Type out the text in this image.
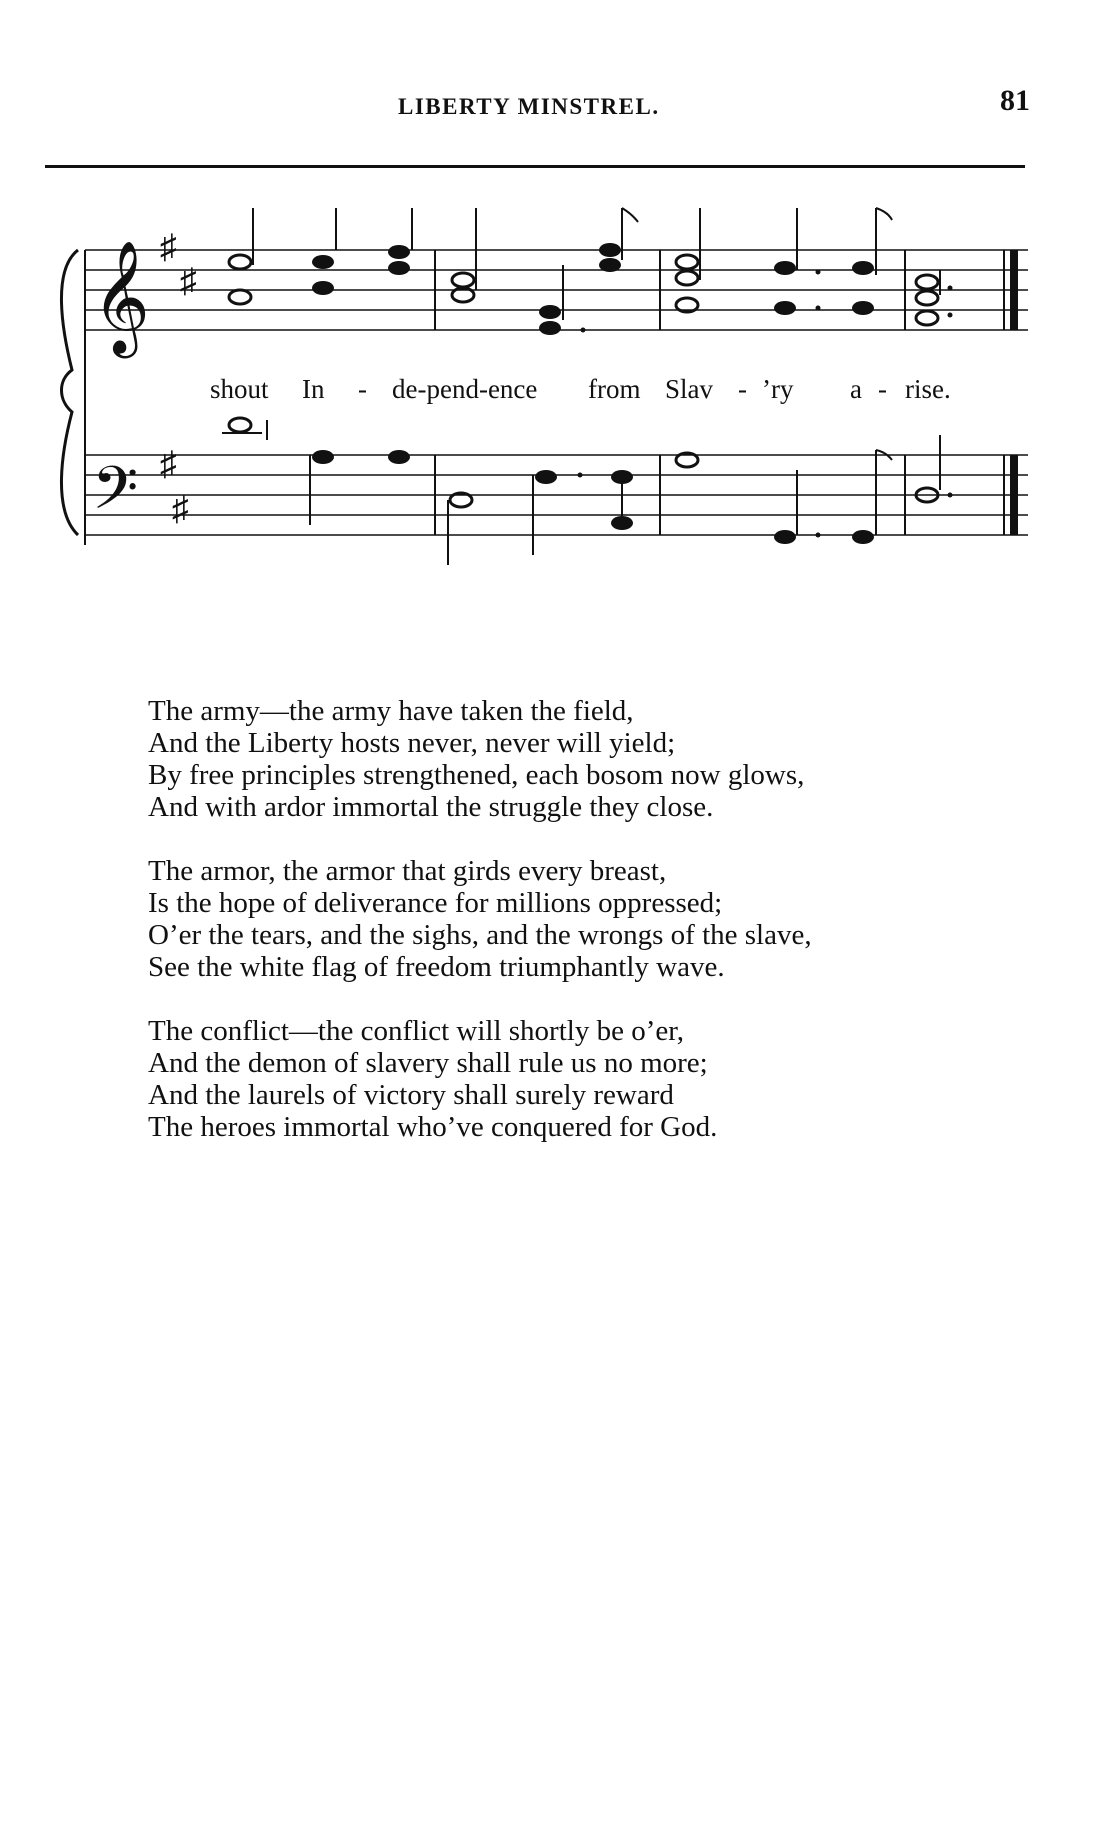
LIBERTY MINSTREL.	81
𝄞
𝄢
♯
♯
♯
♯
shout In - de-pend-ence from Slav - ’ry a - rise.
The army—the army have taken the field,
And the Liberty hosts never, never will yield;
By free principles strengthened, each bosom now glows,
And with ardor immortal the struggle they close.
The armor, the armor that girds every breast,
Is the hope of deliverance for millions oppressed;
O’er the tears, and the sighs, and the wrongs of the slave,
See the white flag of freedom triumphantly wave.
The conflict—the conflict will shortly be o’er,
And the demon of slavery shall rule us no more;
And the laurels of victory shall surely reward
The heroes immortal who’ve conquered for God.
